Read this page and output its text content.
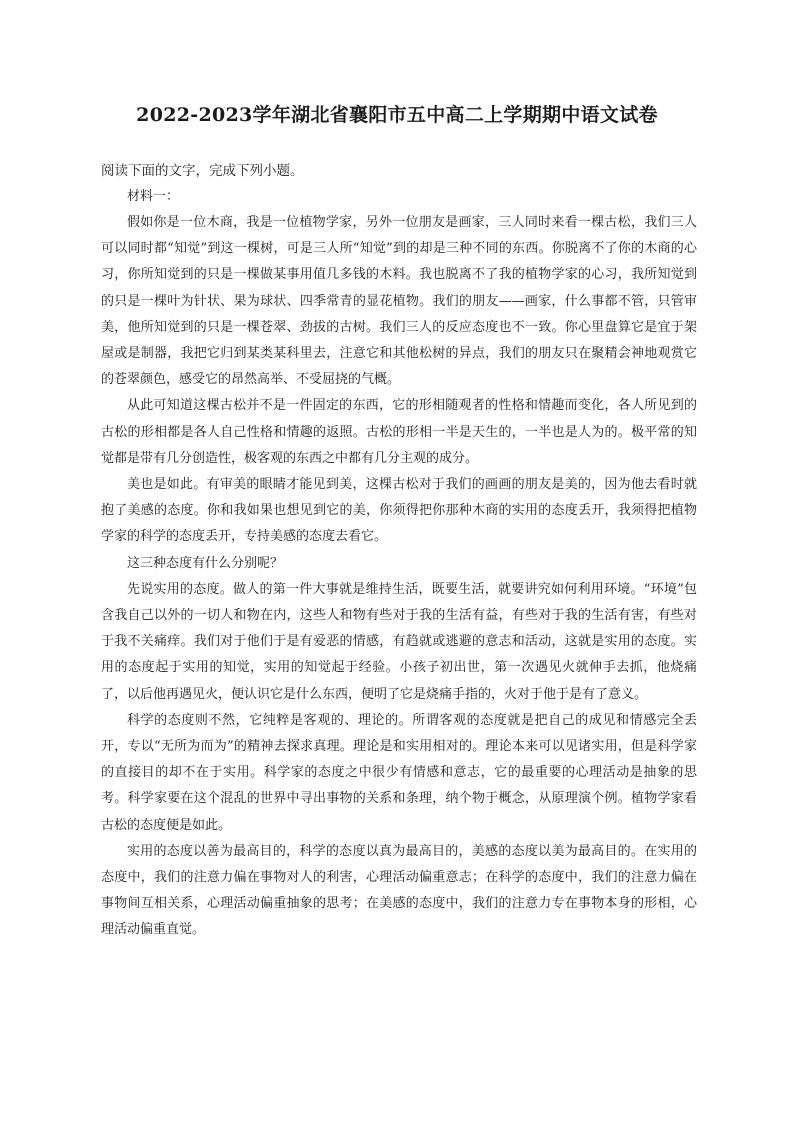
2022-2023学年湖北省襄阳市五中高二上学期期中语文试卷

阅读下面的文字，完成下列小题。

材料一：

假如你是一位木商，我是一位植物学家，另外一位朋友是画家，三人同时来看一棵古松，我们三人可以同时都“知觉”到这一棵树，可是三人所“知觉”到的却是三种不同的东西。你脱离不了你的木商的心习，你所知觉到的只是一棵做某事用值几多钱的木料。我也脱离不了我的植物学家的心习，我所知觉到的只是一棵叶为针状、果为球状、四季常青的显花植物。我们的朋友——画家，什么事都不管，只管审美，他所知觉到的只是一棵苍翠、劲拔的古树。我们三人的反应态度也不一致。你心里盘算它是宜于架屋或是制器，我把它归到某类某科里去，注意它和其他松树的异点，我们的朋友只在聚精会神地观赏它的苍翠颜色，感受它的昂然高举、不受屈挠的气概。

从此可知道这棵古松并不是一件固定的东西，它的形相随观者的性格和情趣而变化，各人所见到的古松的形相都是各人自己性格和情趣的返照。古松的形相一半是天生的，一半也是人为的。极平常的知觉都是带有几分创造性，极客观的东西之中都有几分主观的成分。

美也是如此。有审美的眼睛才能见到美，这棵古松对于我们的画画的朋友是美的，因为他去看时就抱了美感的态度。你和我如果也想见到它的美，你须得把你那种木商的实用的态度丢开，我须得把植物学家的科学的态度丢开，专持美感的态度去看它。

这三种态度有什么分别呢？

先说实用的态度。做人的第一件大事就是维持生活，既要生活，就要讲究如何利用环境。“环境”包含我自己以外的一切人和物在内，这些人和物有些对于我的生活有益，有些对于我的生活有害，有些对于我不关痛痒。我们对于他们于是有爱恶的情感，有趋就或逃避的意志和活动，这就是实用的态度。实用的态度起于实用的知觉，实用的知觉起于经验。小孩子初出世，第一次遇见火就伸手去抓，他烧痛了，以后他再遇见火，便认识它是什么东西，便明了它是烧痛手指的，火对于他于是有了意义。

科学的态度则不然，它纯粹是客观的、理论的。所谓客观的态度就是把自己的成见和情感完全丢开，专以“无所为而为”的精神去探求真理。理论是和实用相对的。理论本来可以见诸实用，但是科学家的直接目的却不在于实用。科学家的态度之中很少有情感和意志，它的最重要的心理活动是抽象的思考。科学家要在这个混乱的世界中寻出事物的关系和条理，纳个物于概念，从原理演个例。植物学家看古松的态度便是如此。

实用的态度以善为最高目的，科学的态度以真为最高目的，美感的态度以美为最高目的。在实用的态度中，我们的注意力偏在事物对人的利害，心理活动偏重意志；在科学的态度中，我们的注意力偏在事物间互相关系，心理活动偏重抽象的思考；在美感的态度中，我们的注意力专在事物本身的形相，心理活动偏重直觉。
